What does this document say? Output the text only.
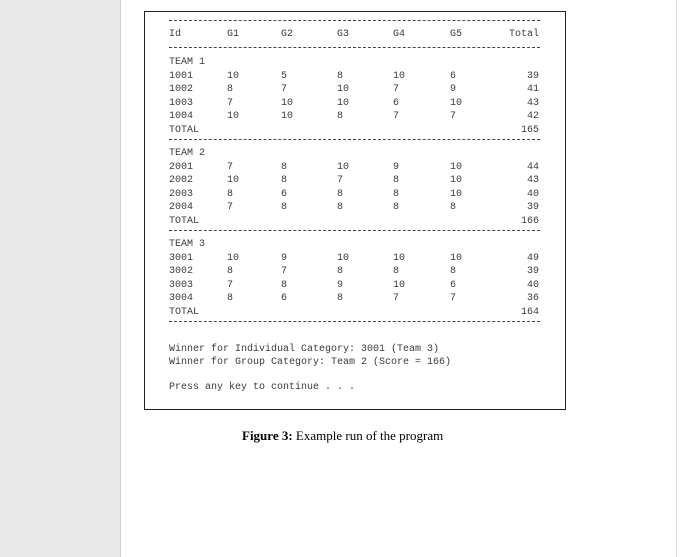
Id	G1	G2	G3	G4	G5	Total
TEAM 1
1001	10	5	8	10	6	39
1002	8	7	10	7	9	41
1003	7	10	10	6	10	43
1004	10	10	8	7	7	42
TOTAL	165
TEAM 2
2001	7	8	10	9	10	44
2002	10	8	7	8	10	43
2003	8	6	8	8	10	40
2004	7	8	8	8	8	39
TOTAL	166
TEAM 3
3001	10	9	10	10	10	49
3002	8	7	8	8	8	39
3003	7	8	9	10	6	40
3004	8	6	8	7	7	36
TOTAL	164
Winner for Individual Category: 3001 (Team 3)
Winner for Group Category: Team 2 (Score = 166)
Press any key to continue . . .
Figure 3: Example run of the program
